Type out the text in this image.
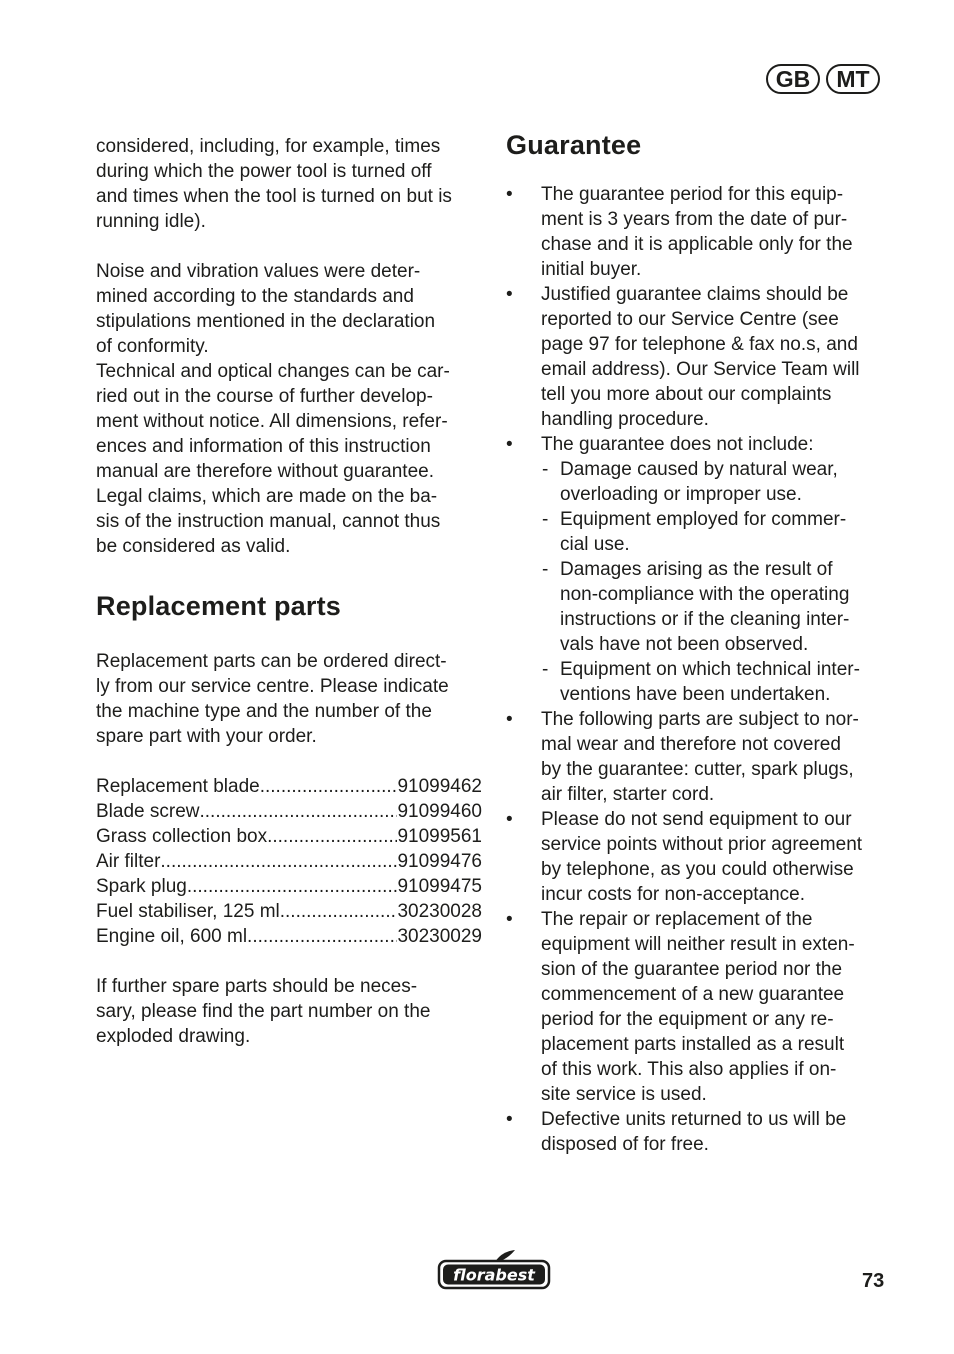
GB	MT

considered, including, for example, times
during which the power tool is turned off
and times when the tool is turned on but is
running idle).

Noise and vibration values were deter-
mined according to the standards and
stipulations mentioned in the declaration
of conformity.
Technical and optical changes can be car-
ried out in the course of further develop-
ment without notice. All dimensions, refer-
ences and information of this instruction
manual are therefore without guarantee.
Legal claims, which are made on the ba-
sis of the instruction manual, cannot thus
be considered as valid.

Replacement parts

Replacement parts can be ordered direct-
ly from our service centre. Please indicate
the machine type and the number of the
spare part with your order.

Replacement blade .....	91099462
Blade screw .....	91099460
Grass collection box .....	91099561
Air filter .....	91099476
Spark plug .....	91099475
Fuel stabiliser, 125 ml .....	30230028
Engine oil, 600 ml .....	30230029

If further spare parts should be neces-
sary, please find the part number on the
exploded drawing.

Guarantee
• The guarantee period for this equip-
ment is 3 years from the date of pur-
chase and it is applicable only for the
initial buyer.
• Justified guarantee claims should be
reported to our Service Centre (see
page 97 for telephone & fax no.s, and
email address). Our Service Team will
tell you more about our complaints
handling procedure.
• The guarantee does not include:
- Damage caused by natural wear,
overloading or improper use.
- Equipment employed for commer-
cial use.
- Damages arising as the result of
non-compliance with the operating
instructions or if the cleaning inter-
vals have not been observed.
- Equipment on which technical inter-
ventions have been undertaken.
• The following parts are subject to nor-
mal wear and therefore not covered
by the guarantee: cutter, spark plugs,
air filter, starter cord.
• Please do not send equipment to our
service points without prior agreement
by telephone, as you could otherwise
incur costs for non-acceptance.
• The repair or replacement of the
equipment will neither result in exten-
sion of the guarantee period nor the
commencement of a new guarantee
period for the equipment or any re-
placement parts installed as a result
of this work. This also applies if on-
site service is used.
• Defective units returned to us will be
disposed of for free.
florabest	73
